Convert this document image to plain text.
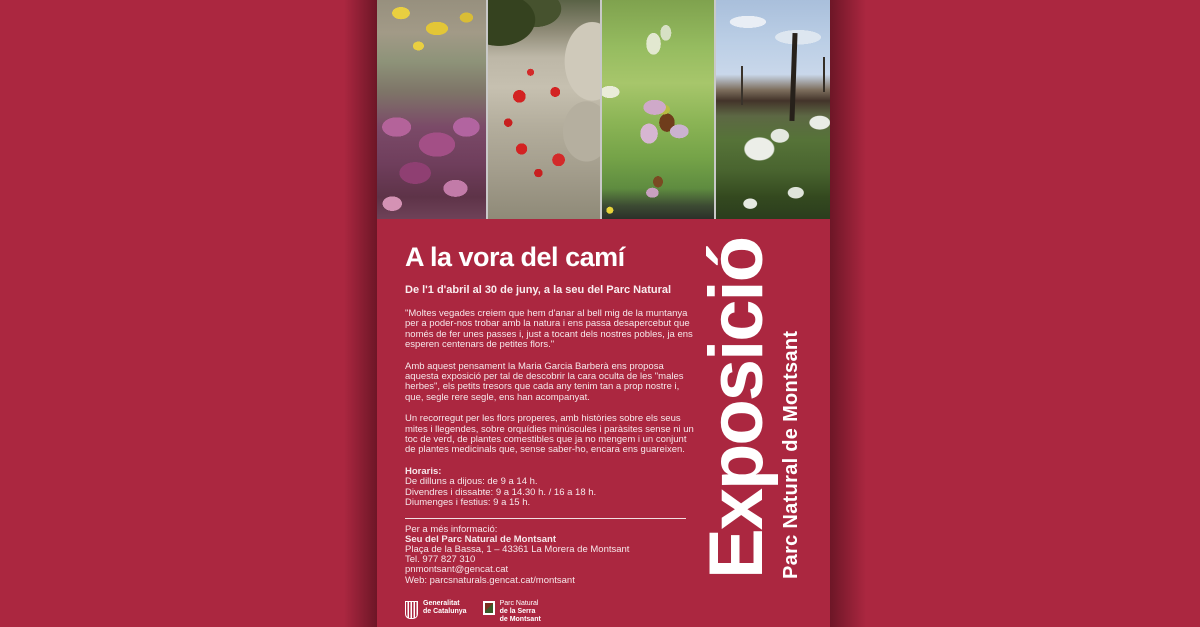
A la vora del camí
De l'1 d'abril al 30 de juny, a la seu del Parc Natural

"Moltes vegades creiem que hem d'anar al bell mig de la muntanya per a poder-nos trobar amb la natura i ens passa desapercebut que només de fer unes passes i, just a tocant dels nostres pobles, ja ens esperen centenars de petites flors."

Amb aquest pensament la Maria Garcia Barberà ens proposa aquesta exposició per tal de descobrir la cara oculta de les "males herbes", els petits tresors que cada any tenim tan a prop nostre i, que, segle rere segle, ens han acompanyat.

Un recorregut per les flors properes, amb històries sobre els seus mites i llegendes, sobre orquídies minúscules i paràsites sense ni un toc de verd, de plantes comestibles que ja no mengem i un conjunt de plantes medicinals que, sense saber-ho, encara ens guareixen.

Horaris:
De dilluns a dijous: de 9 a 14 h.
Divendres i dissabte: 9 a 14.30 h. / 16 a 18 h.
Diumenges i festius: 9 a 15 h.
Per a més informació:
Seu del Parc Natural de Montsant
Plaça de la Bassa, 1 – 43361 La Morera de Montsant
Tel. 977 827 310
pnmontsant@gencat.cat
Web: parcsnaturals.gencat.cat/montsant
Exposició Parc Natural de Montsant
Generalitat
de Catalunya
Parc Natural
de la Serra
de Montsant
